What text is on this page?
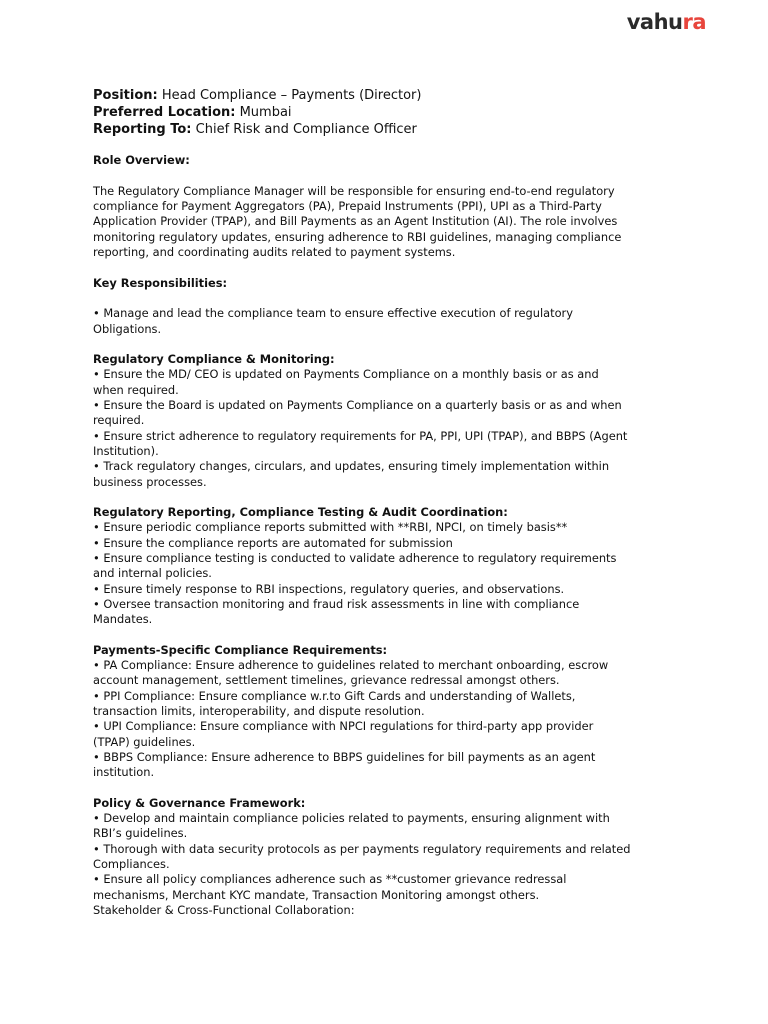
vahura
Position: Head Compliance – Payments (Director)
Preferred Location: Mumbai
Reporting To: Chief Risk and Compliance Officer
Role Overview:

The Regulatory Compliance Manager will be responsible for ensuring end-to-end regulatory compliance for Payment Aggregators (PA), Prepaid Instruments (PPI), UPI as a Third-Party Application Provider (TPAP), and Bill Payments as an Agent Institution (AI). The role involves monitoring regulatory updates, ensuring adherence to RBI guidelines, managing compliance reporting, and coordinating audits related to payment systems.

Key Responsibilities:

• Manage and lead the compliance team to ensure effective execution of regulatory Obligations.

Regulatory Compliance & Monitoring:

• Ensure the MD/ CEO is updated on Payments Compliance on a monthly basis or as and when required.

• Ensure the Board is updated on Payments Compliance on a quarterly basis or as and when required.

• Ensure strict adherence to regulatory requirements for PA, PPI, UPI (TPAP), and BBPS (Agent Institution).

• Track regulatory changes, circulars, and updates, ensuring timely implementation within business processes.

Regulatory Reporting, Compliance Testing & Audit Coordination:

• Ensure periodic compliance reports submitted with **RBI, NPCI, on timely basis**

• Ensure the compliance reports are automated for submission

• Ensure compliance testing is conducted to validate adherence to regulatory requirements and internal policies.

• Ensure timely response to RBI inspections, regulatory queries, and observations.

• Oversee transaction monitoring and fraud risk assessments in line with compliance Mandates.

Payments-Specific Compliance Requirements:

• PA Compliance: Ensure adherence to guidelines related to merchant onboarding, escrow account management, settlement timelines, grievance redressal amongst others.

• PPI Compliance: Ensure compliance w.r.to Gift Cards and understanding of Wallets, transaction limits, interoperability, and dispute resolution.

• UPI Compliance: Ensure compliance with NPCI regulations for third-party app provider (TPAP) guidelines.

• BBPS Compliance: Ensure adherence to BBPS guidelines for bill payments as an agent institution.

Policy & Governance Framework:

• Develop and maintain compliance policies related to payments, ensuring alignment with RBI’s guidelines.

• Thorough with data security protocols as per payments regulatory requirements and related Compliances.

• Ensure all policy compliances adherence such as **customer grievance redressal mechanisms, Merchant KYC mandate, Transaction Monitoring amongst others.

Stakeholder & Cross-Functional Collaboration:
